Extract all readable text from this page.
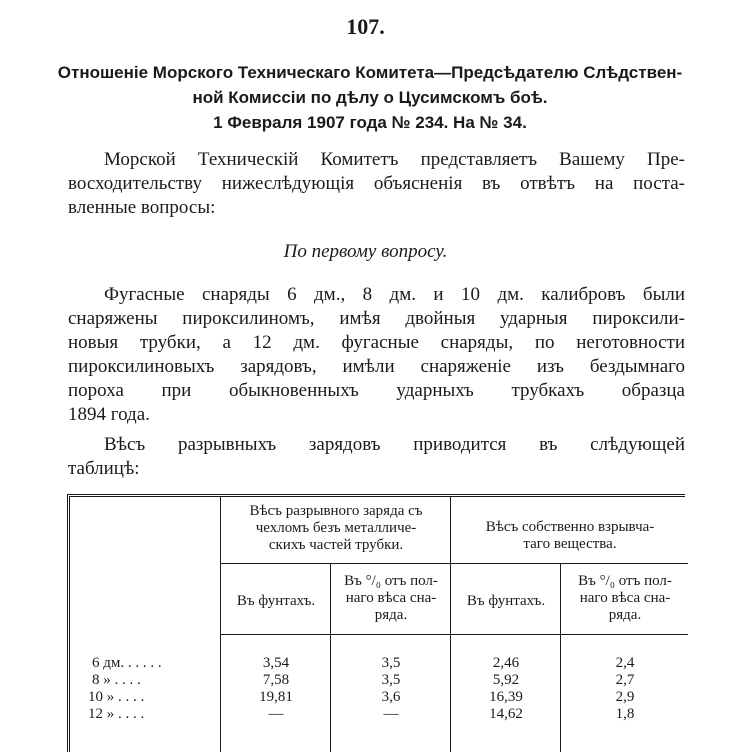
107.
Отношеніе Морского Техническаго Комитета—Предсѣдателю Слѣдствен-
ной Комиссіи по дѣлу о Цусимскомъ боѣ.
1 Февраля 1907 года № 234. На № 34.
Морской Техническій Комитетъ представляетъ Вашему Пре-
восходительству нижеслѣдующія объясненія въ отвѣтъ на поста-
вленные вопросы:
По первому вопросу.
Фугасные снаряды 6 дм., 8 дм. и 10 дм. калибровъ были
снаряжены пироксилиномъ, имѣя двойныя ударныя пироксили-
новыя трубки, а 12 дм. фугасные снаряды, по неготовности
пироксилиновыхъ зарядовъ, имѣли снаряженіе изъ бездымнаго
пороха при обыкновенныхъ ударныхъ трубкахъ образца
1894 года.
Вѣсъ разрывныхъ зарядовъ приводится въ слѣдующей
таблицѣ:
Вѣсъ разрывного заряда съ
чехломъ безъ металличе-
скихъ частей трубки.
Вѣсъ собственно взрывча-
таго вещества.
Въ фунтахъ.
Въ °/₀ отъ пол-
наго вѣса сна-
ряда.
Въ фунтахъ.
Въ °/₀ отъ пол-
наго вѣса сна-
ряда.
6 дм. . . . . .	3,54	3,5	2,46	2,4
8 » . . . .	7,58	3,5	5,92	2,7
10 » . . . .	19,81	3,6	16,39	2,9
12 » . . . .	—	—	14,62	1,8
